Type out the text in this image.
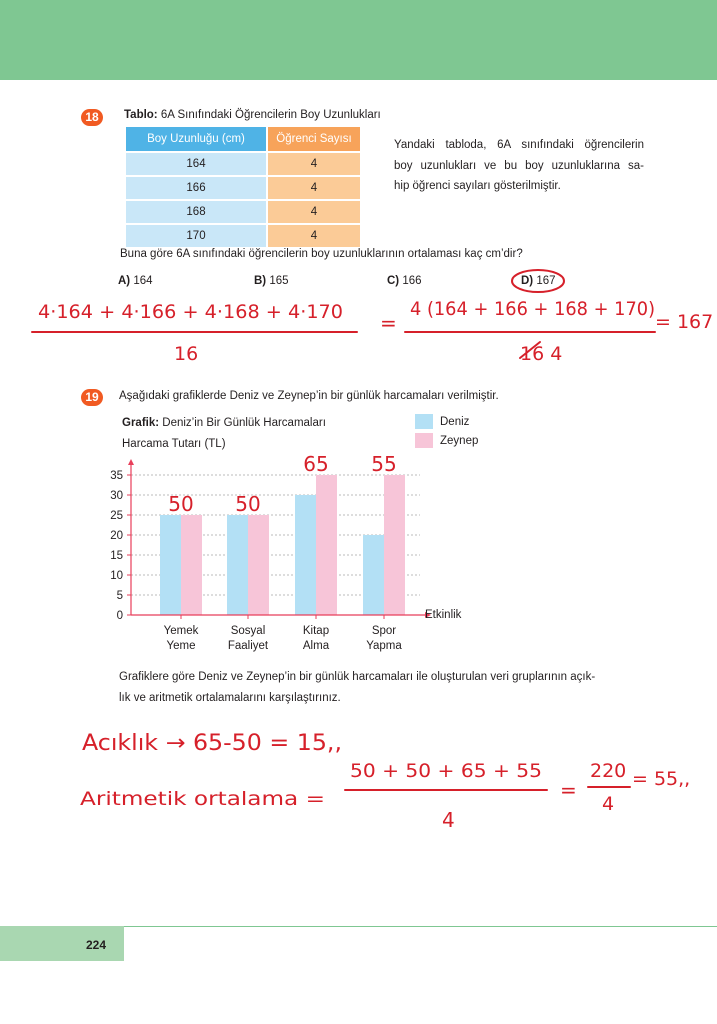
18	Tablo: 6A Sınıfındaki Öğrencilerin Boy Uzunlukları
Boy Uzunluğu (cm)	Öğrenci Sayısı
164	4
166	4
168	4
170	4
Yandaki tabloda, 6A sınıfındaki öğrencilerin
boy uzunlukları ve bu boy uzunluklarına sa-
hip öğrenci sayıları gösterilmiştir.
Buna göre 6A sınıfındaki öğrencilerin boy uzunluklarının ortalaması kaç cm’dir?
A) 164	B) 165	C) 166	D) 167
4·164 + 4·166 + 4·168 + 4·170
16
=
4 (164 + 166 + 168 + 170)
16 4
= 167
19	Aşağıdaki grafiklerde Deniz ve Zeynep’in bir günlük harcamaları verilmiştir.
Grafik: Deniz’in Bir Günlük Harcamaları
Harcama Tutarı (TL)
Deniz
Zeynep
0
5
10
15
20
25
30
35
Yemek
Yeme
Sosyal
Faaliyet
Kitap
Alma
Spor
Yapma
50 50
65 55
Etkinlik
Grafiklere göre Deniz ve Zeynep’in bir günlük harcamaları ile oluşturulan veri gruplarının açık-
lık ve aritmetik ortalamalarını karşılaştırınız.
Acıklık → 65-50 = 15,,
Aritmetik ortalama =
50 + 50 + 65 + 55
4
=
220
4
= 55,,
224
